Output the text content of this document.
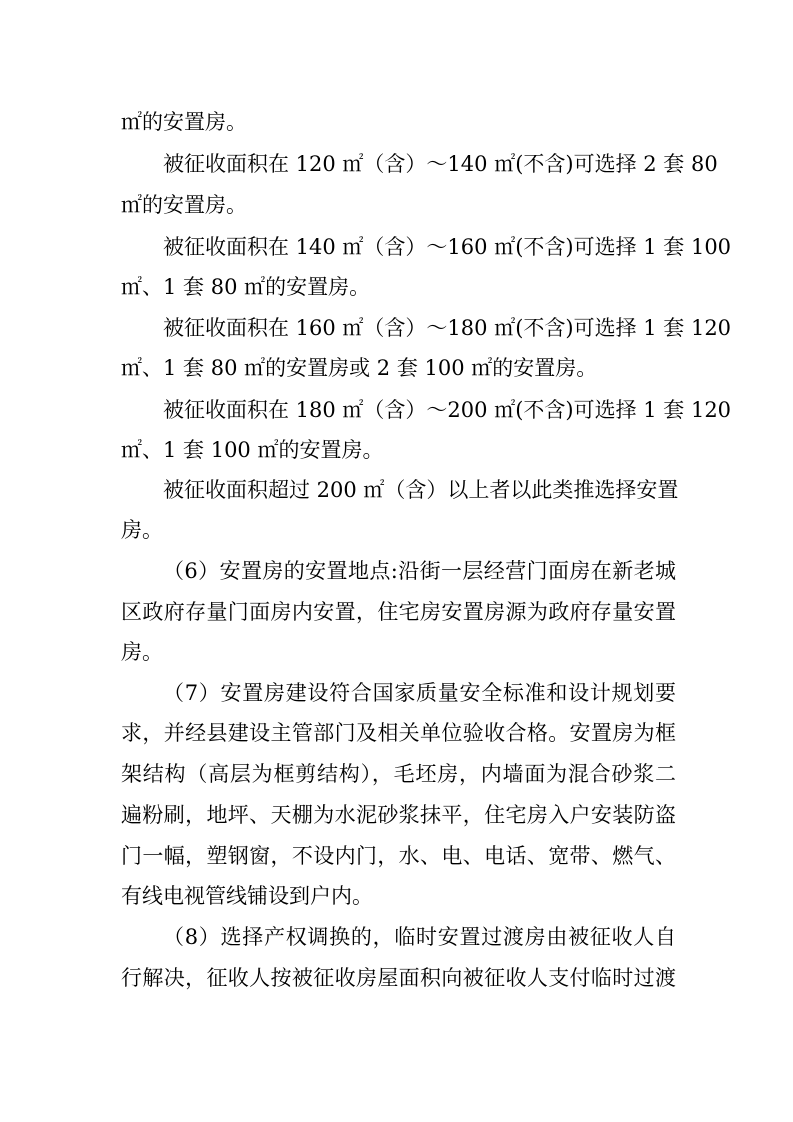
㎡的安置房。
被征收面积在 120 ㎡（含）～140 ㎡(不含)可选择 2 套 80
㎡的安置房。
被征收面积在 140 ㎡（含）～160 ㎡(不含)可选择 1 套 100
㎡、1 套 80 ㎡的安置房。
被征收面积在 160 ㎡（含）～180 ㎡(不含)可选择 1 套 120
㎡、1 套 80 ㎡的安置房或 2 套 100 ㎡的安置房。
被征收面积在 180 ㎡（含）～200 ㎡(不含)可选择 1 套 120
㎡、1 套 100 ㎡的安置房。
被征收面积超过 200 ㎡（含）以上者以此类推选择安置
房。
（6）安置房的安置地点:沿街一层经营门面房在新老城
区政府存量门面房内安置，住宅房安置房源为政府存量安置
房。
（7）安置房建设符合国家质量安全标准和设计规划要
求，并经县建设主管部门及相关单位验收合格。安置房为框
架结构（高层为框剪结构），毛坯房，内墙面为混合砂浆二
遍粉刷，地坪、天棚为水泥砂浆抹平，住宅房入户安装防盗
门一幅，塑钢窗，不设内门，水、电、电话、宽带、燃气、
有线电视管线铺设到户内。
（8）选择产权调换的，临时安置过渡房由被征收人自
行解决，征收人按被征收房屋面积向被征收人支付临时过渡
